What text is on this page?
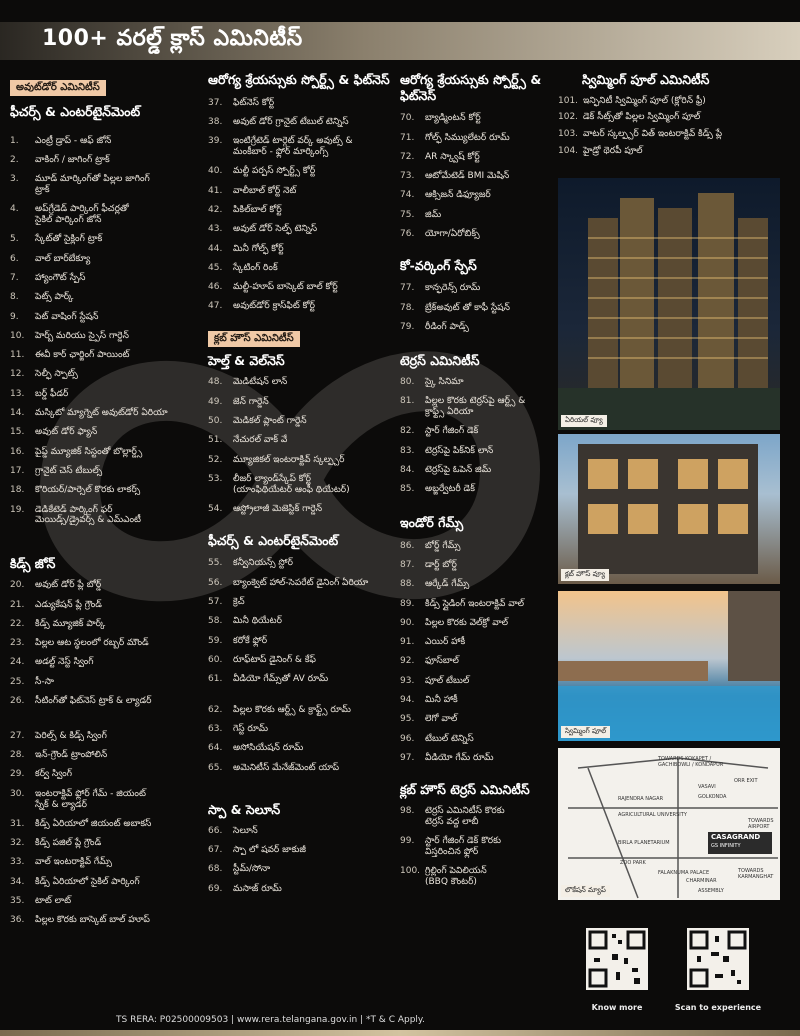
100+ వరల్డ్ క్లాస్ ఎమినిటీస్
అవుట్‌డోర్ ఎమినిటీస్
ఫీచర్స్ & ఎంటర్‌టైన్‌మెంట్
1.	ఎంట్రీ డ్రాప్ - ఆఫ్ జోన్
2.	వాకింగ్ / జాగింగ్ ట్రాక్
3.	మూడ్ మార్కింగ్‌తో పిల్లల జాగింగ్
ట్రాక్
4.	అప్‌గ్రేడెడ్ పార్కింగ్ ఫీచర్లతో
సైకిల్ పార్కింగ్ జోన్
5.	స్కేట్‌తో సైక్లింగ్ ట్రాక్
6.	వాల్ బార్‌బేక్యూ
7.	హ్యాంగౌట్ స్పేస్
8.	పెట్స్ పార్క్
9.	పెట్ వాషింగ్ స్టేషన్
10.	హెర్బ్ మరియు స్పైస్ గార్డెన్
11.	ఈవీ కార్ ఛార్జింగ్ పాయింట్
12.	సెల్ఫీ స్పాట్స్
13.	బర్డ్ ఫీడర్
14.	మస్కిటో మ్యాగ్నెట్ అవుట్‌డోర్ ఏరియా
15.	అవుట్ డోర్ ఫ్యాన్
16.	పైప్డ్ మ్యూజిక్ సిస్టంతో బొల్లార్డ్స్
17.	గ్రానైట్ చెస్ టేబుల్స్
18.	కొరియర్/పార్సెల్ కొరకు లాకర్స్
19.	డెడికేటెడ్ పార్కింగ్ ఫర్
మెయిడ్స్/డ్రైవర్స్ & ఎమ్ఎంటీ
కిడ్స్ జోన్
20.	అవుట్ డోర్ ప్లే బోర్డ్
21.	ఎడ్యుకేషన్ ప్లే గ్రౌండ్
22.	కిడ్స్ మ్యూజిక్ పార్క్
23.	పిల్లల ఆట స్థలంలో రబ్బర్ మౌండ్
24.	అడల్ట్ నెస్ట్ స్వింగ్
25.	సీ-సా
26.	సీటింగ్‌తో ఫిట్‌నెస్ ట్రాక్ & ల్యాడర్
27.	పెరిల్స్ & కిడ్స్ స్వింగ్
28.	ఇన్-గ్రౌండ్ ట్రాంపోలిన్
29.	కర్వ్ స్వింగ్
30.	ఇంటరాక్టివ్ ఫ్లోర్ గేమ్ - జియంట్
స్నేక్ & ల్యాడర్
31.	కిడ్స్ ఏరియాలో జియంట్ అబాకస్
32.	కిడ్స్ పజిల్ ప్లే గ్రౌండ్
33.	వాల్ ఇంటరాక్టివ్ గేమ్స్
34.	కిడ్స్ ఏరియాలో సైకిల్ పార్కింగ్
35.	టాట్ లాట్
36.	పిల్లల కొరకు బాస్కెట్ బాల్ హూప్
ఆరోగ్య శ్రేయస్సుకు స్పోర్ట్స్ & ఫిట్‌నెస్
37.	ఫిట్‌నెస్ కోర్ట్
38.	అవుట్ డోర్ గ్రానైట్ టేబుల్ టెన్నిస్
39.	ఇంటిగ్రేటెడ్ టార్గెట్ వర్క్ అవుట్స్ &
మంకీబార్ - ఫ్లోర్ మార్కింగ్స్
40.	మల్టీ పర్పస్ స్పోర్ట్స్ కోర్ట్
41.	వాలీబాల్ కోర్ట్ నెట్
42.	పికిల్‌బాల్ కోర్ట్
43.	అవుట్ డోర్ సెల్ఫ్ టెన్నిస్
44.	మినీ గోల్ఫ్ కోర్ట్
45.	స్కేటింగ్ రింక్
46.	మల్టీ-హూప్ బాస్కెట్ బాల్ కోర్ట్
47.	అవుట్‌డోర్ క్రాస్‌ఫిట్ కోర్ట్
క్లబ్ హౌస్ ఎమినిటీస్
హెల్త్ & వెల్‌నెస్
48.	మెడిటేషన్ లాన్
49.	జెన్ గార్డెన్
50.	మెడికల్ ప్లాంట్ గార్డెన్
51.	నేచురల్ వాక్ వే
52.	మ్యూజికల్ ఇంటరాక్టివ్ స్కల్ప్చర్
53.	లీజర్ ల్యాండ్‌స్కేప్ కోర్ట్
(యాంఫిథియేటర్ ఆంఫీ థియేటర్)
54.	ఆస్ట్రోలాజీ మెజెస్టిక్ గార్డెన్
ఫీచర్స్ & ఎంటర్‌టైన్‌మెంట్
55.	కన్వీనియన్స్ స్టోర్
56.	బ్యాంక్వెట్ హాల్-సెపరేట్ డైనింగ్ ఏరియా
57.	క్రెచ్
58.	మినీ థియేటర్
59.	కరోకే ఫ్లోర్
60.	రూఫ్‌టాప్ డైనింగ్ & కేఫ్
61.	వీడియో గేమ్స్‌తో AV రూమ్
62.	పిల్లల కొరకు ఆర్ట్స్ & క్రాఫ్ట్స్ రూమ్
63.	గెస్ట్ రూమ్
64.	అసోసియేషన్ రూమ్
65.	అమెనిటీస్ మేనేజ్‌మెంట్ యాప్
స్పా & సెలూన్
66.	సెలూన్
67.	స్పా లో షవర్ జాకుజీ
68.	స్టీమ్/సోనా
69.	మసాజ్ రూమ్
ఆరోగ్య శ్రేయస్సుకు స్పోర్ట్స్ & ఫిట్‌నెస్
70.	బ్యాడ్మింటన్ కోర్ట్
71.	గోల్ఫ్ సిమ్యులేటర్ రూమ్
72.	AR స్క్వాష్ కోర్ట్
73.	ఆటోమేటెడ్ BMI మెషిన్
74.	ఆక్సిజన్ డిఫ్యూజర్
75.	జిమ్
76.	యోగా/ఏరోబిక్స్
కో-వర్కింగ్ స్పేస్
77.	కాన్ఫరెన్స్ రూమ్
78.	బ్రేక్‌అవుట్ తో కాఫీ స్టేషన్
79.	రీడింగ్ పాడ్స్
టెర్రస్ ఎమినిటీస్
80.	స్కై సినిమా
81.	పిల్లల కొరకు టెర్రస్‌పై ఆర్ట్స్ &
క్రాఫ్ట్స్ ఏరియా
82.	స్టార్ గేజింగ్ డెక్
83.	టెర్రస్‌పై పిక్‌నిక్ లాన్
84.	టెర్రస్‌పై ఓపెన్ జిమ్
85.	అబ్జర్వేటరీ డెక్
ఇండోర్ గేమ్స్
86.	బోర్డ్ గేమ్స్
87.	డార్ట్ బోర్డ్
88.	ఆర్కేడ్ గేమ్స్
89.	కిడ్స్ స్లైడింగ్ ఇంటరాక్టివ్ వాల్
90.	పిల్లల కొరకు వెల్‌క్రో వాల్
91.	ఎయిర్ హాకీ
92.	ఫూస్‌బాల్
93.	పూల్ టేబుల్
94.	మినీ హాకీ
95.	లెగో వాల్
96.	టేబుల్ టెన్నిస్
97.	వీడియో గేమ్ రూమ్
క్లబ్ హౌస్ టెర్రస్ ఎమినిటీస్
98.	టెర్రస్ ఎమినిటీస్ కొరకు
టెర్రస్ వద్ద లాబీ
99.	స్టార్ గేజింగ్ డెక్ కొరకు
విస్తరించిన ఫ్లోర్
100. గ్రిల్లింగ్ పెవిలియన్
(BBQ కౌంటర్)
స్విమ్మింగ్ పూల్ ఎమినిటీస్
101. ఇన్ఫినిటీ స్విమ్మింగ్ పూల్ (క్లోరిన్ ఫ్రీ)
102. డెక్ సీట్స్‌తో పిల్లల స్విమ్మింగ్ పూల్
103. వాటర్ స్కల్ప్చర్ విత్ ఇంటరాక్టివ్ కిడ్స్ ప్లే
104. హైడ్రో థెరపీ పూల్
ఏరియల్ వ్యూ
క్లబ్ హౌస్ వ్యూ
స్విమ్మింగ్ పూల్
TOWARDS KOKAPET / GACHIBOWLI / KONDAPUR
ORR EXIT
VASAVI
GOLKONDA
AGRICULTURAL UNIVERSITY
RAJENDRA NAGAR
BIRLA PLANETARIUM
ZOO PARK
FALAKNUMA PALACE
CHARMINAR
ASSEMBLY
CASAGRAND
GS INFINITY
TOWARDS AIRPORT
TOWARDS KARMANGHAT
లొకేషన్ మ్యాప్
Know more	Scan to experience
TS RERA: P02500009503 | www.rera.telangana.gov.in | *T & C Apply.
